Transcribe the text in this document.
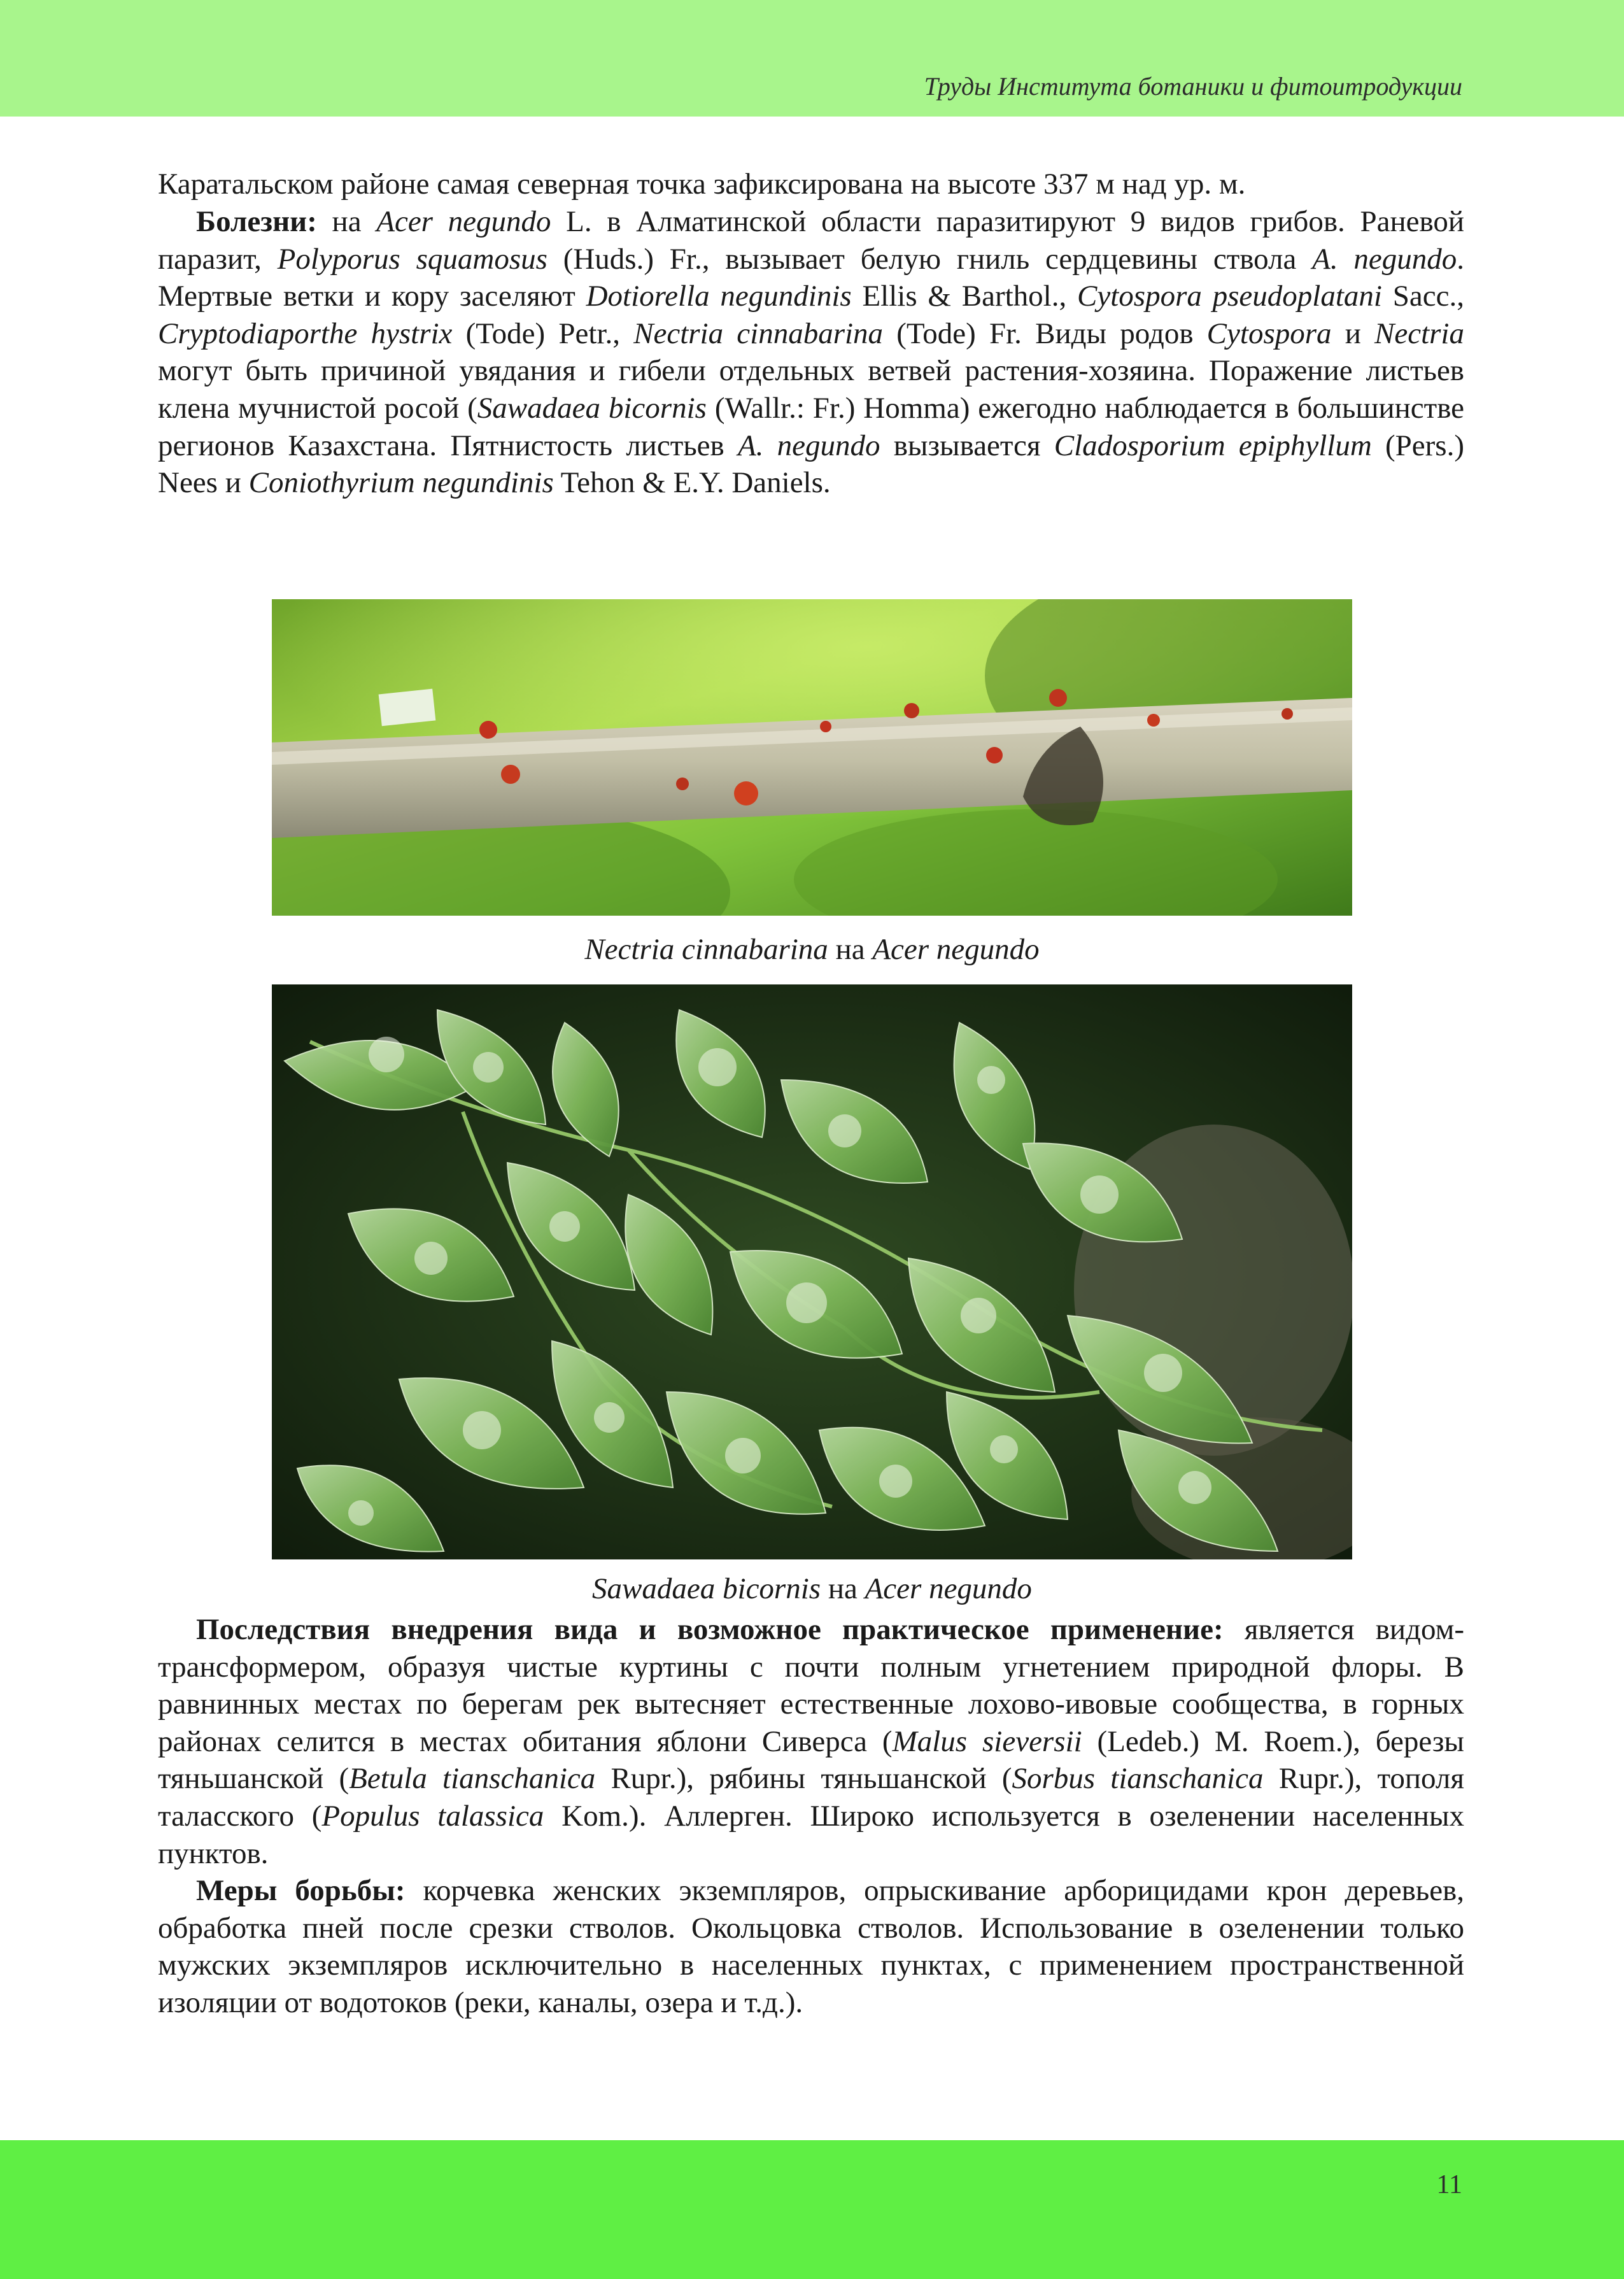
Труды Института ботаники и фитоитродукции
Каратальском районе самая северная точка зафиксирована на высоте 337 м над ур. м.
Болезни: на Acer negundo L. в Алматинской области паразитируют 9 видов грибов. Раневой паразит, Polyporus squamosus (Huds.) Fr., вызывает белую гниль сердцевины ствола A. negundo. Мертвые ветки и кору заселяют Dotiorella negundinis Ellis & Barthol., Cytospora pseudoplatani Sacc., Cryptodiaporthe hystrix (Tode) Petr., Nectria cinnabarina (Tode) Fr. Виды родов Cytospora и Nectria могут быть причиной увядания и гибели отдельных ветвей растения-хозяина. Поражение листьев клена мучнистой росой (Sawadaea bicornis (Wallr.: Fr.) Homma) ежегодно наблюдается в большинстве регионов Казахстана. Пятнистость листьев A. negundo вызывается Cladosporium epiphyllum (Pers.) Nees и Coniothyrium negundinis Tehon & E.Y. Daniels.
Nectria cinnabarina на Acer negundo
Sawadaea bicornis на Acer negundo
Последствия внедрения вида и возможное практическое применение: является видом-трансформером, образуя чистые куртины с почти полным угнетением природной флоры. В равнинных местах по берегам рек вытесняет естественные лохово-ивовые сообщества, в горных районах селится в местах обитания яблони Сиверса (Malus sieversii (Ledeb.) M. Roem.), березы тяньшанской (Betula tianschanica Rupr.), рябины тяньшанской (Sorbus tianschanica Rupr.), тополя таласского (Populus talassica Kom.). Аллерген. Широко используется в озеленении населенных пунктов.
Меры борьбы: корчевка женских экземпляров, опрыскивание арборицидами крон деревьев, обработка пней после срезки стволов. Окольцовка стволов. Использование в озеленении только мужских экземпляров исключительно в населенных пунктах, с применением пространственной изоляции от водотоков (реки, каналы, озера и т.д.).
11
